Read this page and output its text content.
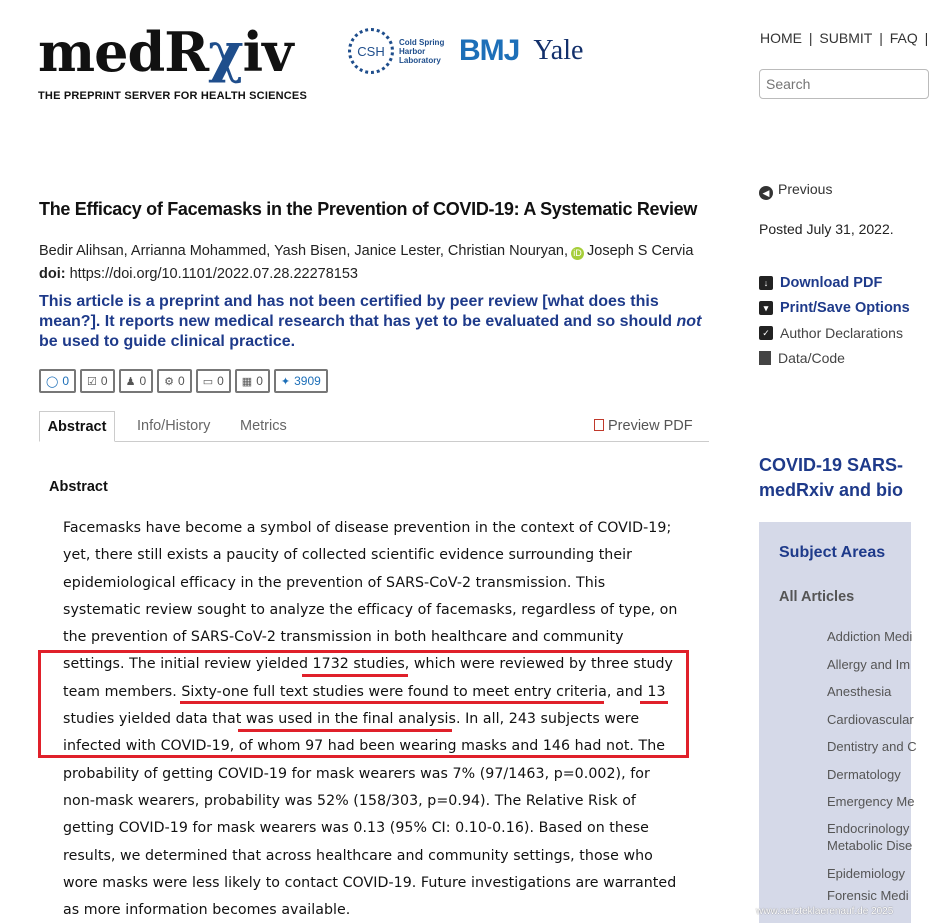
medRχiv
THE PREPRINT SERVER FOR HEALTH SCIENCES
CSH
Cold Spring Harbor Laboratory BMJ Yale	HOME | SUBMIT | FAQ |
Search
The Efficacy of Facemasks in the Prevention of COVID-19: A Systematic Review
Bedir Alihsan, Arrianna Mohammed, Yash Bisen, Janice Lester, Christian Nouryan, iD Joseph S Cervia
doi: https://doi.org/10.1101/2022.07.28.22278153
This article is a preprint and has not been certified by peer review [what does this mean?]. It reports new medical research that has yet to be evaluated and so should not be used to guide clinical practice.
◯ 0 ☑ 0 ♟ 0 ⚙ 0 ▭ 0 ▦ 0 ✦ 3909
Abstract	Info/History Metrics	Preview PDF
Abstract
Facemasks have become a symbol of disease prevention in the context of COVID-19; yet, there still exists a paucity of collected scientific evidence surrounding their epidemiological efficacy in the prevention of SARS-CoV-2 transmission. This systematic review sought to analyze the efficacy of facemasks, regardless of type, on the prevention of SARS-CoV-2 transmission in both healthcare and community settings. The initial review yielded 1732 studies, which were reviewed by three study team members. Sixty-one full text studies were found to meet entry criteria, and 13 studies yielded data that was used in the final analysis. In all, 243 subjects were infected with COVID-19, of whom 97 had been wearing masks and 146 had not. The probability of getting COVID-19 for mask wearers was 7% (97/1463, p=0.002), for non-mask wearers, probability was 52% (158/303, p=0.94). The Relative Risk of getting COVID-19 for mask wearers was 0.13 (95% CI: 0.10-0.16). Based on these results, we determined that across healthcare and community settings, those who wore masks were less likely to contact COVID-19. Future investigations are warranted as more information becomes available.
◀ Previous
Posted July 31, 2022.
↓ Download PDF
▾ Print/Save Options
✓ Author Declarations
Data/Code
COVID-19 SARS-
medRxiv and bio
Subject Areas
All Articles
Addiction Medi
Allergy and Im
Anesthesia
Cardiovascular
Dentistry and C
Dermatology
Emergency Me
Endocrinology
Metabolic Dise
Epidemiology
Forensic Medi
www.aerzteklaerenauf.de 2025
